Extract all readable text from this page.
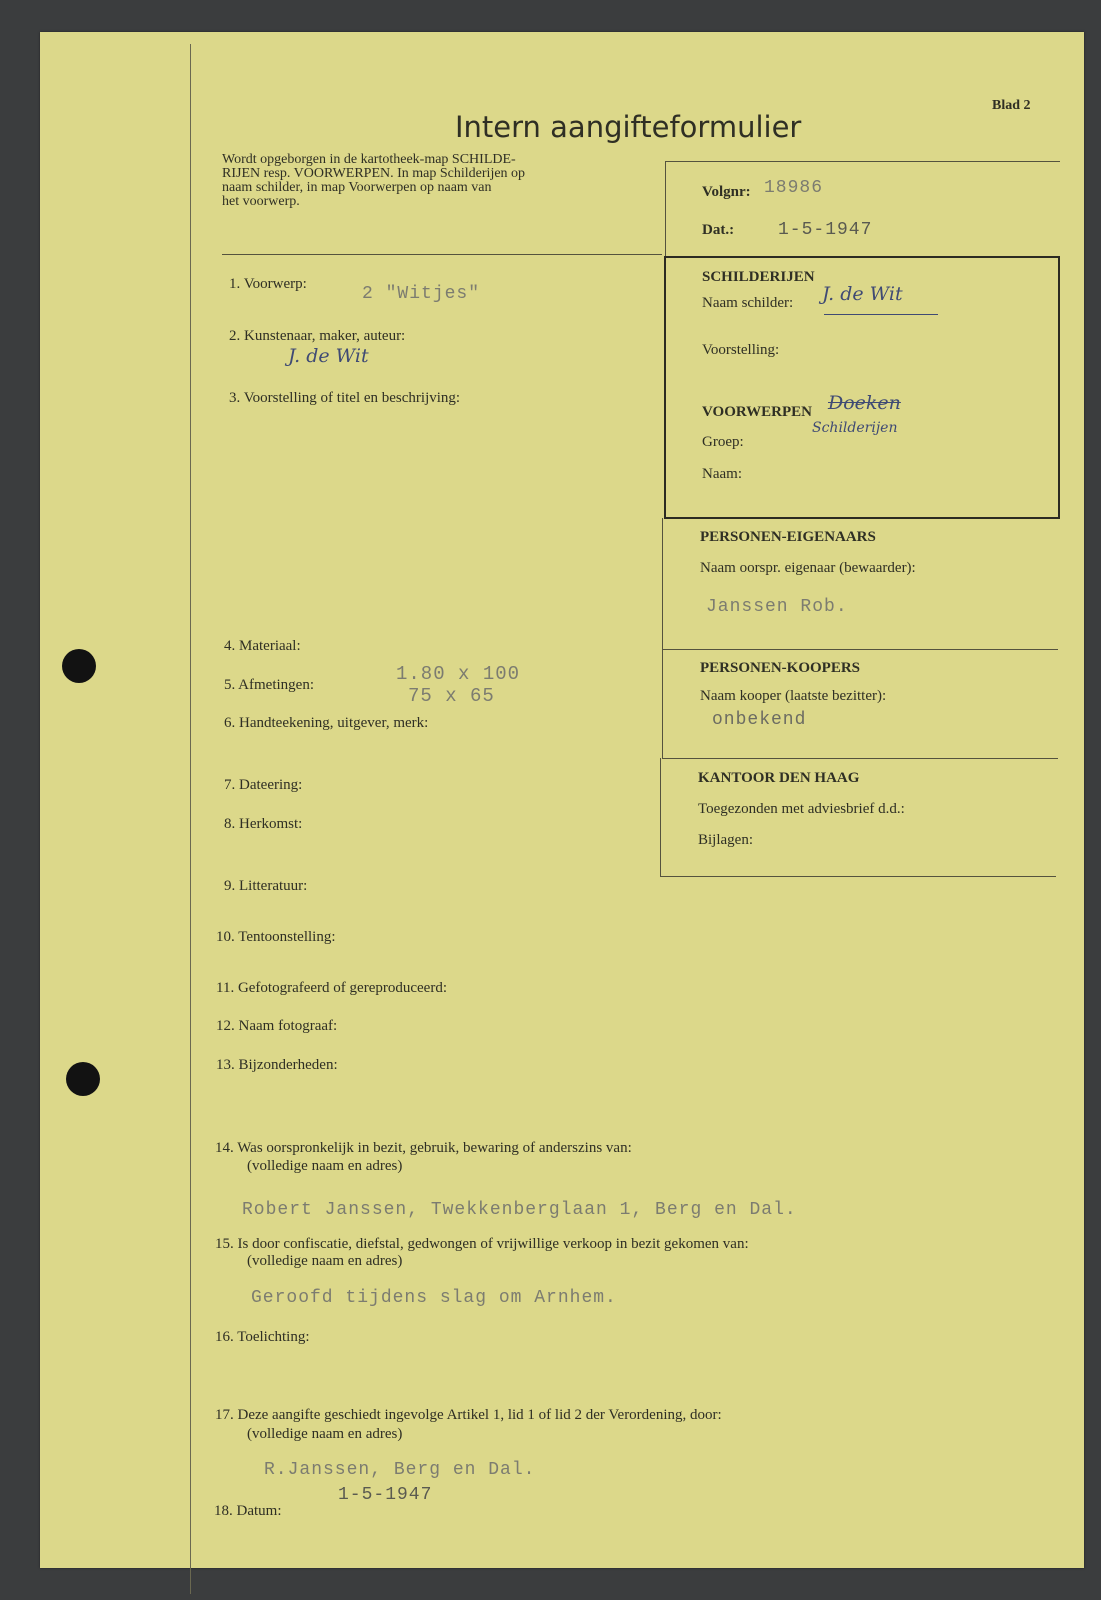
Blad 2
Intern aangifteformulier
Wordt opgeborgen in de kartotheek-map SCHILDE-
RIJEN resp. VOORWERPEN. In map Schilderijen op
naam schilder, in map Voorwerpen op naam van
het voorwerp.
Volgnr: 18986
Dat.: 1-5-1947
SCHILDERIJEN
Naam schilder: J. de Wit
Voorstelling:
VOORWERPEN Doeken
Schilderijen
Groep:
Naam:
PERSONEN-EIGENAARS
Naam oorspr. eigenaar (bewaarder):
Janssen Rob.
PERSONEN-KOOPERS
Naam kooper (laatste bezitter):
onbekend
KANTOOR DEN HAAG
Toegezonden met adviesbrief d.d.:
Bijlagen:
1. Voorwerp:	2 "Witjes"
2. Kunstenaar, maker, auteur:
J. de Wit
3. Voorstelling of titel en beschrijving:
4. Materiaal:
5. Afmetingen:	1.80 x 100
75 x 65
6. Handteekening, uitgever, merk:
7. Dateering:
8. Herkomst:
9. Litteratuur:
10. Tentoonstelling:
11. Gefotografeerd of gereproduceerd:
12. Naam fotograaf:
13. Bijzonderheden:
14. Was oorspronkelijk in bezit, gebruik, bewaring of anderszins van:
(volledige naam en adres)
Robert Janssen, Twekkenberglaan 1, Berg en Dal.
15. Is door confiscatie, diefstal, gedwongen of vrijwillige verkoop in bezit gekomen van:
(volledige naam en adres)
Geroofd tijdens slag om Arnhem.
16. Toelichting:
17. Deze aangifte geschiedt ingevolge Artikel 1, lid 1 of lid 2 der Verordening, door:
(volledige naam en adres)
R.Janssen, Berg en Dal.
18. Datum:
1-5-1947
